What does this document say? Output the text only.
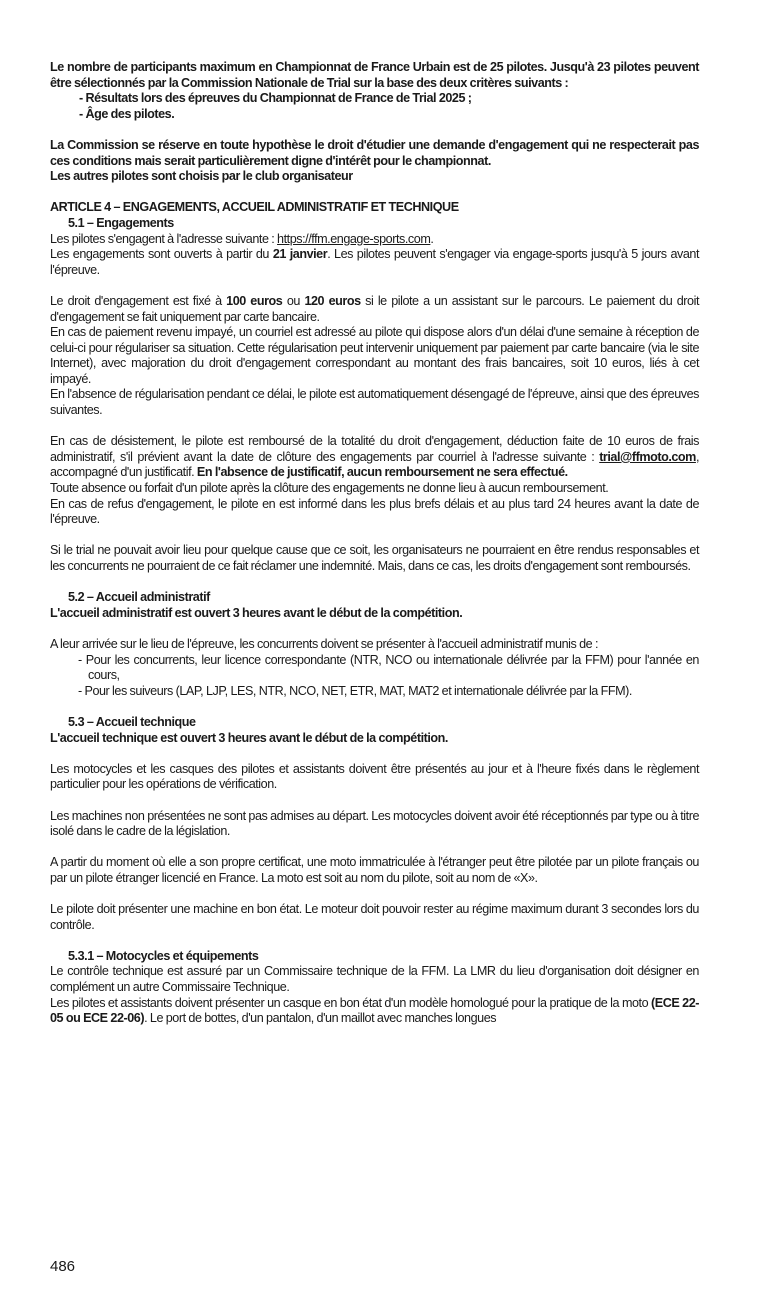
Le nombre de participants maximum en Championnat de France Urbain est de 25 pilotes. Jusqu'à 23 pilotes peuvent être sélectionnés par la Commission Nationale de Trial sur la base des deux critères suivants :

- Résultats lors des épreuves du Championnat de France de Trial 2025 ;

- Âge des pilotes.

La Commission se réserve en toute hypothèse le droit d'étudier une demande d'engagement qui ne respecterait pas ces conditions mais serait particulièrement digne d'intérêt pour le championnat.

Les autres pilotes sont choisis par le club organisateur

ARTICLE 4 – ENGAGEMENTS, ACCUEIL ADMINISTRATIF ET TECHNIQUE

5.1 – Engagements

Les pilotes s'engagent à l'adresse suivante : https://ffm.engage-sports.com.

Les engagements sont ouverts à partir du 21 janvier. Les pilotes peuvent s'engager via engage-sports jusqu'à 5 jours avant l'épreuve.

Le droit d'engagement est fixé à 100 euros ou 120 euros si le pilote a un assistant sur le parcours. Le paiement du droit d'engagement se fait uniquement par carte bancaire.

En cas de paiement revenu impayé, un courriel est adressé au pilote qui dispose alors d'un délai d'une semaine à réception de celui-ci pour régulariser sa situation. Cette régularisation peut intervenir uniquement par paiement par carte bancaire (via le site Internet), avec majoration du droit d'engagement correspondant au montant des frais bancaires, soit 10 euros, liés à cet impayé.

En l'absence de régularisation pendant ce délai, le pilote est automatiquement désengagé de l'épreuve, ainsi que des épreuves suivantes.

En cas de désistement, le pilote est remboursé de la totalité du droit d'engagement, déduction faite de 10 euros de frais administratif, s'il prévient avant la date de clôture des engagements par courriel à l'adresse suivante : trial@ffmoto.com, accompagné d'un justificatif. En l'absence de justificatif, aucun remboursement ne sera effectué.

Toute absence ou forfait d'un pilote après la clôture des engagements ne donne lieu à aucun remboursement.

En cas de refus d'engagement, le pilote en est informé dans les plus brefs délais et au plus tard 24 heures avant la date de l'épreuve.

Si le trial ne pouvait avoir lieu pour quelque cause que ce soit, les organisateurs ne pourraient en être rendus responsables et les concurrents ne pourraient de ce fait réclamer une indemnité. Mais, dans ce cas, les droits d'engagement sont remboursés.

5.2 – Accueil administratif

L'accueil administratif est ouvert 3 heures avant le début de la compétition.

A leur arrivée sur le lieu de l'épreuve, les concurrents doivent se présenter à l'accueil administratif munis de :

- Pour les concurrents, leur licence correspondante (NTR, NCO ou internationale délivrée par la FFM) pour l'année en cours,

- Pour les suiveurs (LAP, LJP, LES, NTR, NCO, NET, ETR, MAT, MAT2 et internationale délivrée par la FFM).

5.3 – Accueil technique

L'accueil technique est ouvert 3 heures avant le début de la compétition.

Les motocycles et les casques des pilotes et assistants doivent être présentés au jour et à l'heure fixés dans le règlement particulier pour les opérations de vérification.

Les machines non présentées ne sont pas admises au départ. Les motocycles doivent avoir été réceptionnés par type ou à titre isolé dans le cadre de la législation.

A partir du moment où elle a son propre certificat, une moto immatriculée à l'étranger peut être pilotée par un pilote français ou par un pilote étranger licencié en France. La moto est soit au nom du pilote, soit au nom de «X».

Le pilote doit présenter une machine en bon état. Le moteur doit pouvoir rester au régime maximum durant 3 secondes lors du contrôle.

5.3.1 – Motocycles et équipements

Le contrôle technique est assuré par un Commissaire technique de la FFM. La LMR du lieu d'organisation doit désigner en complément un autre Commissaire Technique.

Les pilotes et assistants doivent présenter un casque en bon état d'un modèle homologué pour la pratique de la moto (ECE 22-05 ou ECE 22-06). Le port de bottes, d'un pantalon, d'un maillot avec manches longues

486
